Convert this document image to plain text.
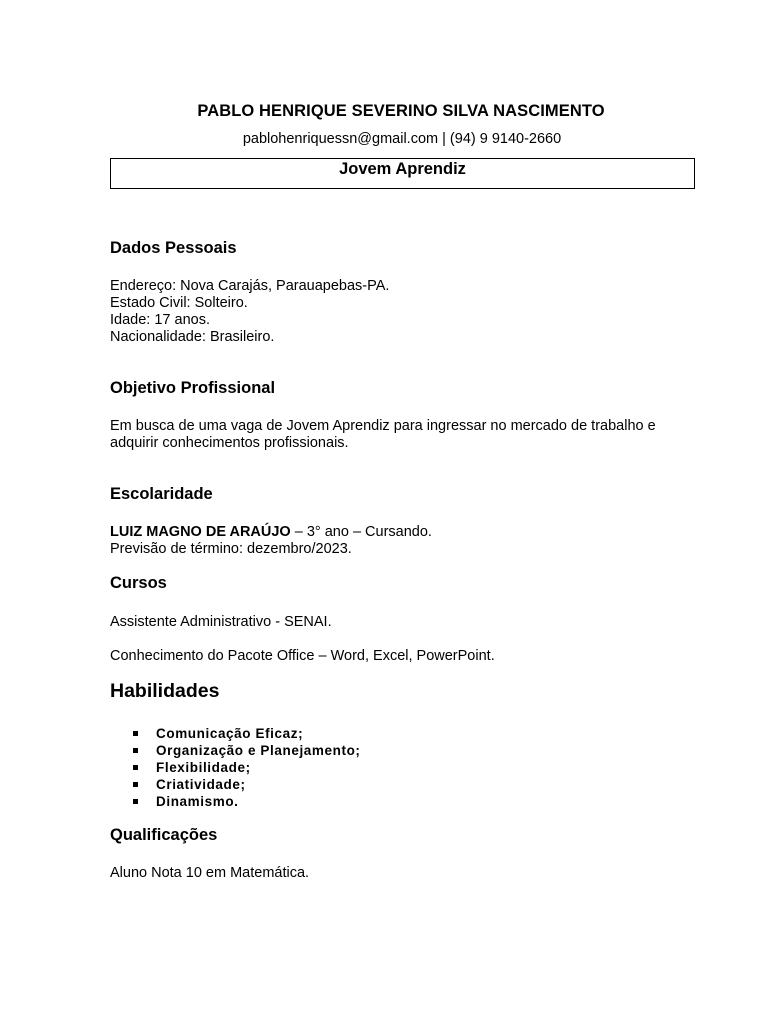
PABLO HENRIQUE SEVERINO SILVA NASCIMENTO
pablohenriquessn@gmail.com | (94) 9 9140-2660
Jovem Aprendiz
Dados Pessoais
Endereço: Nova Carajás, Parauapebas-PA.
Estado Civil: Solteiro.
Idade: 17 anos.
Nacionalidade: Brasileiro.
Objetivo Profissional
Em busca de uma vaga de Jovem Aprendiz para ingressar no mercado de trabalho e
adquirir conhecimentos profissionais.
Escolaridade
LUIZ MAGNO DE ARAÚJO – 3° ano – Cursando.
Previsão de término: dezembro/2023.
Cursos
Assistente Administrativo - SENAI.
Conhecimento do Pacote Office – Word, Excel, PowerPoint.
Habilidades
Comunicação Eficaz;
Organização e Planejamento;
Flexibilidade;
Criatividade;
Dinamismo.
Qualificações
Aluno Nota 10 em Matemática.
